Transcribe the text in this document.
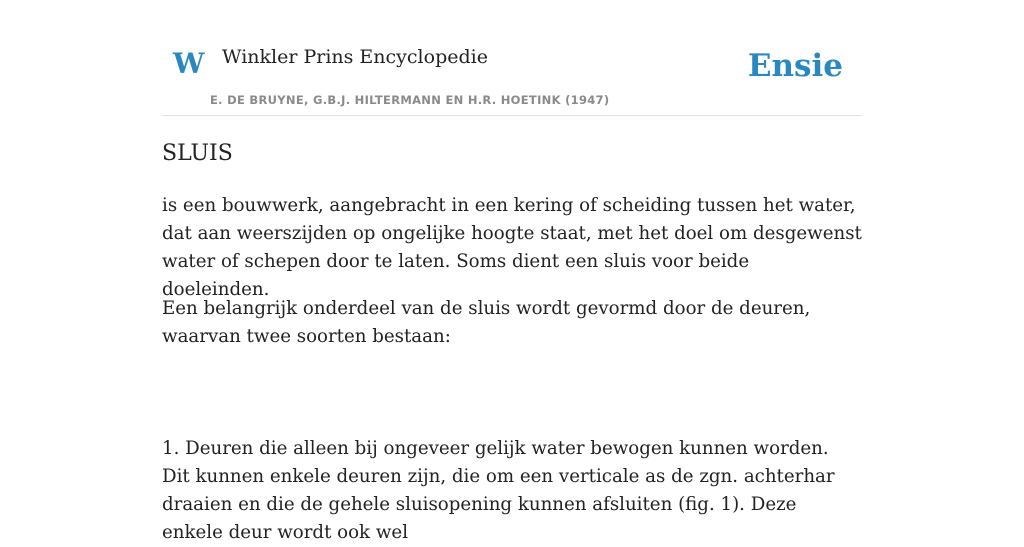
W Winkler Prins Encyclopedie
E. DE BRUYNE, G.B.J. HILTERMANN EN H.R. HOETINK (1947)
Ensie
SLUIS

is een bouwwerk, aangebracht in een kering of scheiding tussen het water, dat aan weerszijden op ongelijke hoogte staat, met het doel om desgewenst water of schepen door te laten. Soms dient een sluis voor beide doeleinden.

Een belangrijk onderdeel van de sluis wordt gevormd door de deuren, waarvan twee soorten bestaan:

1. Deuren die alleen bij ongeveer gelijk water bewogen kunnen worden. Dit kunnen enkele deuren zijn, die om een verticale as de zgn. achterhar draaien en die de gehele sluisopening kunnen afsluiten (fig. 1). Deze enkele deur wordt ook wel
